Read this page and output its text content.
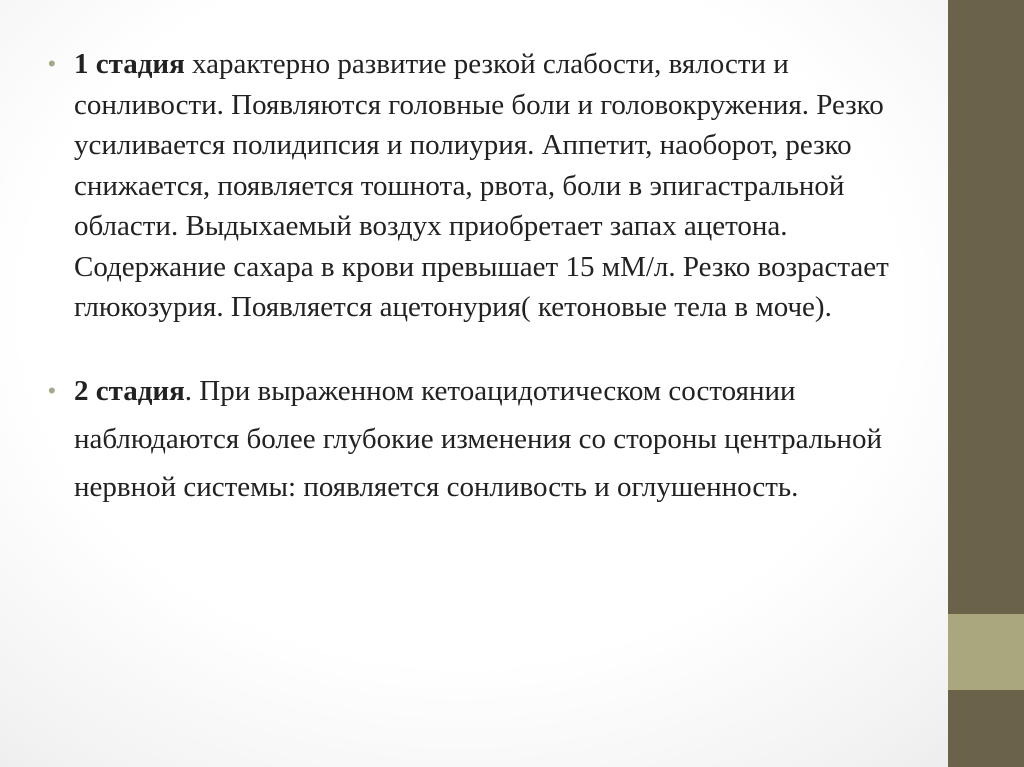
• 1 стадия характерно развитие резкой слабости, вялости и сонливости. Появляются головные боли и головокружения. Резко усиливается полидипсия и полиурия. Аппетит, наоборот, резко снижается, появляется тошнота, рвота, боли в эпигастральной области. Выдыхаемый воздух приобретает запах ацетона. Содержание сахара в крови превышает 15 мМ/л. Резко возрастает глюкозурия. Появляется ацетонурия( кетоновые тела в моче).
• 2 стадия. При выраженном кетоацидотическом состоянии наблюдаются более глубокие изменения со стороны центральной нервной системы: появляется сонливость и оглушенность.
